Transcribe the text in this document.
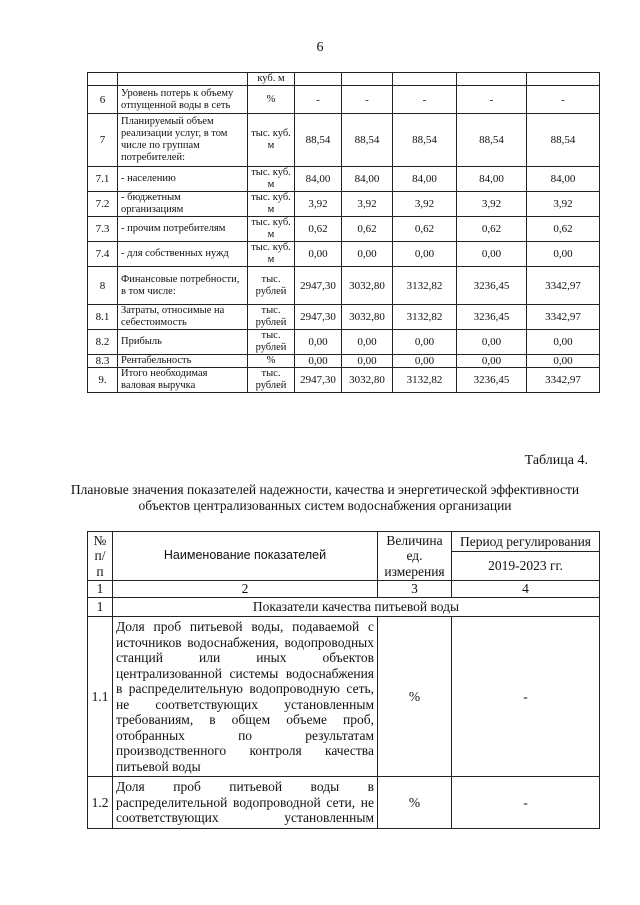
6
		куб. м					
6	Уровень потерь к объему отпущенной воды в сеть	%	-	-	-	-	-
7	Планируемый объем реализации услуг, в том числе по группам потребителей:	тыс. куб. м	88,54	88,54	88,54	88,54	88,54
7.1	- населению	тыс. куб. м	84,00	84,00	84,00	84,00	84,00
7.2	- бюджетным организациям	тыс. куб. м	3,92	3,92	3,92	3,92	3,92
7.3	- прочим потребителям	тыс. куб. м	0,62	0,62	0,62	0,62	0,62
7.4	- для собственных нужд	тыс. куб. м	0,00	0,00	0,00	0,00	0,00
8	Финансовые потребности, в том числе:	тыс. рублей	2947,30	3032,80	3132,82	3236,45	3342,97
8.1	Затраты, относимые на себестоимость	тыс. рублей	2947,30	3032,80	3132,82	3236,45	3342,97
8.2	Прибыль	тыс. рублей	0,00	0,00	0,00	0,00	0,00
8.3	Рентабельность	%	0,00	0,00	0,00	0,00	0,00
9.	Итого необходимая валовая выручка	тыс. рублей	2947,30	3032,80	3132,82	3236,45	3342,97
Таблица 4.
Плановые значения показателей надежности, качества и энергетической эффективности объектов централизованных систем водоснабжения организации
№ п/п	Наименование показателей	Величина ед. измерения	Период регулирования
			2019-2023 гг.
1	2	3	4
1	Показатели качества питьевой воды		
1.1	Доля проб питьевой воды, подаваемой с источников водоснабжения, водопроводных станций или иных объектов централизованной системы водоснабжения в распределительную водопроводную сеть, не соответствующих установленным требованиям, в общем объеме проб, отобранных по результатам производственного контроля качества питьевой воды	%	-
1.2	Доля проб питьевой воды в распределительной водопроводной сети, не соответствующих установленным	%	-
